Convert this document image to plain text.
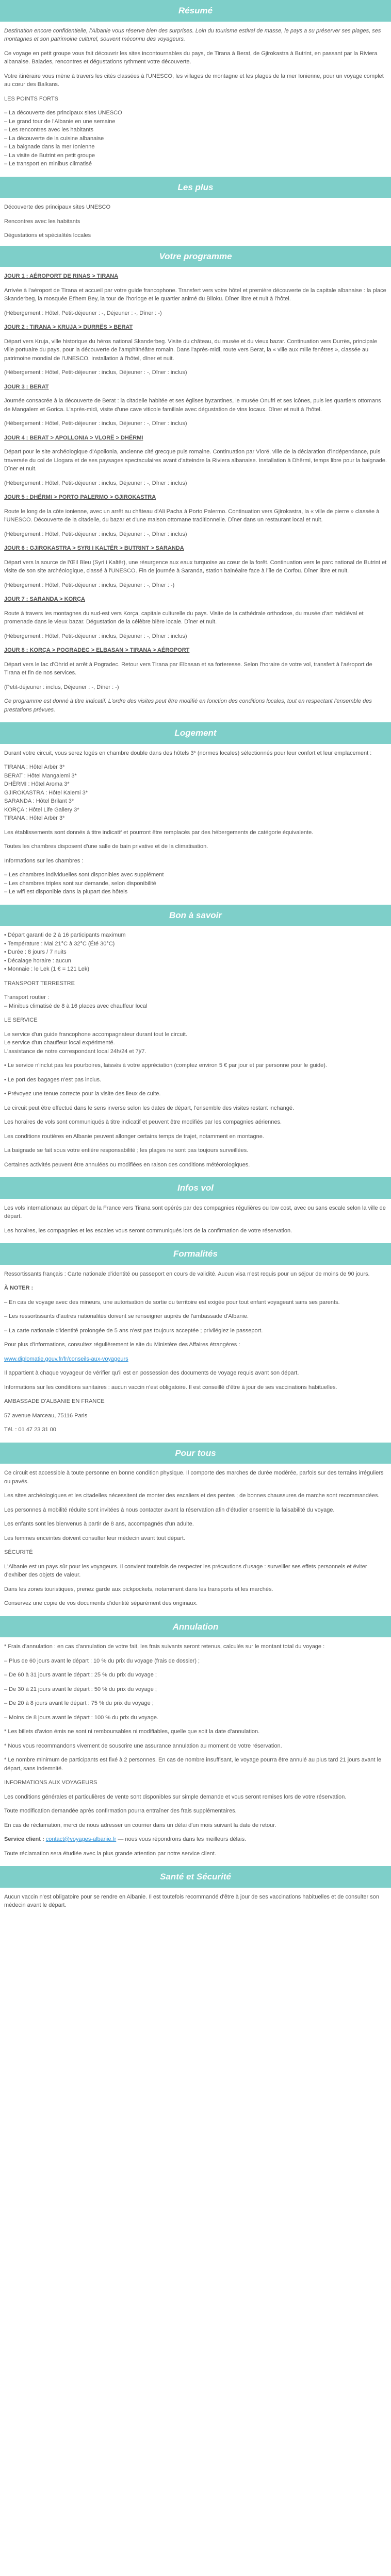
Résumé

Destination encore confidentielle, l'Albanie vous réserve bien des surprises. Loin du tourisme estival de masse, le pays a su préserver ses plages, ses montagnes et son patrimoine culturel, souvent méconnu des voyageurs.

Ce voyage en petit groupe vous fait découvrir les sites incontournables du pays, de Tirana à Berat, de Gjirokastra à Butrint, en passant par la Riviera albanaise. Balades, rencontres et dégustations rythment votre découverte.

Votre itinéraire vous mène à travers les cités classées à l'UNESCO, les villages de montagne et les plages de la mer Ionienne, pour un voyage complet au cœur des Balkans.

LES POINTS FORTS

– La découverte des principaux sites UNESCO
– Le grand tour de l'Albanie en une semaine
– Les rencontres avec les habitants
– La découverte de la cuisine albanaise
– La baignade dans la mer Ionienne
– La visite de Butrint en petit groupe
– Le transport en minibus climatisé
Les plus

Découverte des principaux sites UNESCO

Rencontres avec les habitants

Dégustations et spécialités locales

Votre programme

JOUR 1 : AÉROPORT DE RINAS > TIRANA

Arrivée à l'aéroport de Tirana et accueil par votre guide francophone. Transfert vers votre hôtel et première découverte de la capitale albanaise : la place Skanderbeg, la mosquée Et'hem Bey, la tour de l'horloge et le quartier animé du Blloku. Dîner libre et nuit à l'hôtel.

(Hébergement : Hôtel, Petit-déjeuner : -, Déjeuner : -, Dîner : -)

JOUR 2 : TIRANA > KRUJA > DURRËS > BERAT

Départ vers Kruja, ville historique du héros national Skanderbeg. Visite du château, du musée et du vieux bazar. Continuation vers Durrës, principale ville portuaire du pays, pour la découverte de l'amphithéâtre romain. Dans l'après-midi, route vers Berat, la « ville aux mille fenêtres », classée au patrimoine mondial de l'UNESCO. Installation à l'hôtel, dîner et nuit.

(Hébergement : Hôtel, Petit-déjeuner : inclus, Déjeuner : -, Dîner : inclus)

JOUR 3 : BERAT

Journée consacrée à la découverte de Berat : la citadelle habitée et ses églises byzantines, le musée Onufri et ses icônes, puis les quartiers ottomans de Mangalem et Gorica. L'après-midi, visite d'une cave viticole familiale avec dégustation de vins locaux. Dîner et nuit à l'hôtel.

(Hébergement : Hôtel, Petit-déjeuner : inclus, Déjeuner : -, Dîner : inclus)

JOUR 4 : BERAT > APOLLONIA > VLORË > DHËRMI

Départ pour le site archéologique d'Apollonia, ancienne cité grecque puis romaine. Continuation par Vlorë, ville de la déclaration d'indépendance, puis traversée du col de Llogara et de ses paysages spectaculaires avant d'atteindre la Riviera albanaise. Installation à Dhërmi, temps libre pour la baignade. Dîner et nuit.

(Hébergement : Hôtel, Petit-déjeuner : inclus, Déjeuner : -, Dîner : inclus)

JOUR 5 : DHËRMI > PORTO PALERMO > GJIROKASTRA

Route le long de la côte ionienne, avec un arrêt au château d'Ali Pacha à Porto Palermo. Continuation vers Gjirokastra, la « ville de pierre » classée à l'UNESCO. Découverte de la citadelle, du bazar et d'une maison ottomane traditionnelle. Dîner dans un restaurant local et nuit.

(Hébergement : Hôtel, Petit-déjeuner : inclus, Déjeuner : -, Dîner : inclus)

JOUR 6 : GJIROKASTRA > SYRI I KALTËR > BUTRINT > SARANDA

Départ vers la source de l'Œil Bleu (Syri i Kaltër), une résurgence aux eaux turquoise au cœur de la forêt. Continuation vers le parc national de Butrint et visite de son site archéologique, classé à l'UNESCO. Fin de journée à Saranda, station balnéaire face à l'île de Corfou. Dîner libre et nuit.

(Hébergement : Hôtel, Petit-déjeuner : inclus, Déjeuner : -, Dîner : -)

JOUR 7 : SARANDA > KORÇA

Route à travers les montagnes du sud-est vers Korça, capitale culturelle du pays. Visite de la cathédrale orthodoxe, du musée d'art médiéval et promenade dans le vieux bazar. Dégustation de la célèbre bière locale. Dîner et nuit.

(Hébergement : Hôtel, Petit-déjeuner : inclus, Déjeuner : -, Dîner : inclus)

JOUR 8 : KORÇA > POGRADEC > ELBASAN > TIRANA > AÉROPORT

Départ vers le lac d'Ohrid et arrêt à Pogradec. Retour vers Tirana par Elbasan et sa forteresse. Selon l'horaire de votre vol, transfert à l'aéroport de Tirana et fin de nos services.

(Petit-déjeuner : inclus, Déjeuner : -, Dîner : -)

Ce programme est donné à titre indicatif. L'ordre des visites peut être modifié en fonction des conditions locales, tout en respectant l'ensemble des prestations prévues.

Logement

Durant votre circuit, vous serez logés en chambre double dans des hôtels 3* (normes locales) sélectionnés pour leur confort et leur emplacement :

TIRANA : Hôtel Arbër 3*
BERAT : Hôtel Mangalemi 3*
DHËRMI : Hôtel Aroma 3*
GJIROKASTRA : Hôtel Kalemi 3*
SARANDA : Hôtel Brilant 3*
KORÇA : Hôtel Life Gallery 3*
TIRANA : Hôtel Arbër 3*

Les établissements sont donnés à titre indicatif et pourront être remplacés par des hébergements de catégorie équivalente.

Toutes les chambres disposent d'une salle de bain privative et de la climatisation.

Informations sur les chambres :

– Les chambres individuelles sont disponibles avec supplément
– Les chambres triples sont sur demande, selon disponibilité
– Le wifi est disponible dans la plupart des hôtels
Bon à savoir
• Départ garanti de 2 à 16 participants maximum
• Température : Mai 21°C à 32°C (Été 30°C)
• Durée : 8 jours / 7 nuits
• Décalage horaire : aucun
• Monnaie : le Lek (1 € = 121 Lek)

TRANSPORT TERRESTRE

Transport routier :
– Minibus climatisé de 8 à 16 places avec chauffeur local

LE SERVICE

Le service d'un guide francophone accompagnateur durant tout le circuit.
Le service d'un chauffeur local expérimenté.
L'assistance de notre correspondant local 24h/24 et 7j/7.

• Le service n'inclut pas les pourboires, laissés à votre appréciation (comptez environ 5 € par jour et par personne pour le guide).

• Le port des bagages n'est pas inclus.

• Prévoyez une tenue correcte pour la visite des lieux de culte.

Le circuit peut être effectué dans le sens inverse selon les dates de départ, l'ensemble des visites restant inchangé.

Les horaires de vols sont communiqués à titre indicatif et peuvent être modifiés par les compagnies aériennes.

Les conditions routières en Albanie peuvent allonger certains temps de trajet, notamment en montagne.

La baignade se fait sous votre entière responsabilité ; les plages ne sont pas toujours surveillées.

Certaines activités peuvent être annulées ou modifiées en raison des conditions météorologiques.

Infos vol

Les vols internationaux au départ de la France vers Tirana sont opérés par des compagnies régulières ou low cost, avec ou sans escale selon la ville de départ.

Les horaires, les compagnies et les escales vous seront communiqués lors de la confirmation de votre réservation.

Formalités

Ressortissants français : Carte nationale d'identité ou passeport en cours de validité. Aucun visa n'est requis pour un séjour de moins de 90 jours.

À NOTER :

– En cas de voyage avec des mineurs, une autorisation de sortie du territoire est exigée pour tout enfant voyageant sans ses parents.

– Les ressortissants d'autres nationalités doivent se renseigner auprès de l'ambassade d'Albanie.

– La carte nationale d'identité prolongée de 5 ans n'est pas toujours acceptée ; privilégiez le passeport.

Pour plus d'informations, consultez régulièrement le site du Ministère des Affaires étrangères :

www.diplomatie.gouv.fr/fr/conseils-aux-voyageurs

Il appartient à chaque voyageur de vérifier qu'il est en possession des documents de voyage requis avant son départ.

Informations sur les conditions sanitaires : aucun vaccin n'est obligatoire. Il est conseillé d'être à jour de ses vaccinations habituelles.

AMBASSADE D'ALBANIE EN FRANCE

57 avenue Marceau, 75116 Paris

Tél. : 01 47 23 31 00

Pour tous

Ce circuit est accessible à toute personne en bonne condition physique. Il comporte des marches de durée modérée, parfois sur des terrains irréguliers ou pavés.

Les sites archéologiques et les citadelles nécessitent de monter des escaliers et des pentes ; de bonnes chaussures de marche sont recommandées.

Les personnes à mobilité réduite sont invitées à nous contacter avant la réservation afin d'étudier ensemble la faisabilité du voyage.

Les enfants sont les bienvenus à partir de 8 ans, accompagnés d'un adulte.

Les femmes enceintes doivent consulter leur médecin avant tout départ.

SÉCURITÉ

L'Albanie est un pays sûr pour les voyageurs. Il convient toutefois de respecter les précautions d'usage : surveiller ses effets personnels et éviter d'exhiber des objets de valeur.

Dans les zones touristiques, prenez garde aux pickpockets, notamment dans les transports et les marchés.

Conservez une copie de vos documents d'identité séparément des originaux.

Annulation

* Frais d'annulation : en cas d'annulation de votre fait, les frais suivants seront retenus, calculés sur le montant total du voyage :

– Plus de 60 jours avant le départ : 10 % du prix du voyage (frais de dossier) ;

– De 60 à 31 jours avant le départ : 25 % du prix du voyage ;

– De 30 à 21 jours avant le départ : 50 % du prix du voyage ;

– De 20 à 8 jours avant le départ : 75 % du prix du voyage ;

– Moins de 8 jours avant le départ : 100 % du prix du voyage.

* Les billets d'avion émis ne sont ni remboursables ni modifiables, quelle que soit la date d'annulation.

* Nous vous recommandons vivement de souscrire une assurance annulation au moment de votre réservation.

* Le nombre minimum de participants est fixé à 2 personnes. En cas de nombre insuffisant, le voyage pourra être annulé au plus tard 21 jours avant le départ, sans indemnité.

INFORMATIONS AUX VOYAGEURS

Les conditions générales et particulières de vente sont disponibles sur simple demande et vous seront remises lors de votre réservation.

Toute modification demandée après confirmation pourra entraîner des frais supplémentaires.

En cas de réclamation, merci de nous adresser un courrier dans un délai d'un mois suivant la date de retour.

Service client : contact@voyages-albanie.fr — nous vous répondrons dans les meilleurs délais.

Toute réclamation sera étudiée avec la plus grande attention par notre service client.

Santé et Sécurité

Aucun vaccin n'est obligatoire pour se rendre en Albanie. Il est toutefois recommandé d'être à jour de ses vaccinations habituelles et de consulter son médecin avant le départ.
